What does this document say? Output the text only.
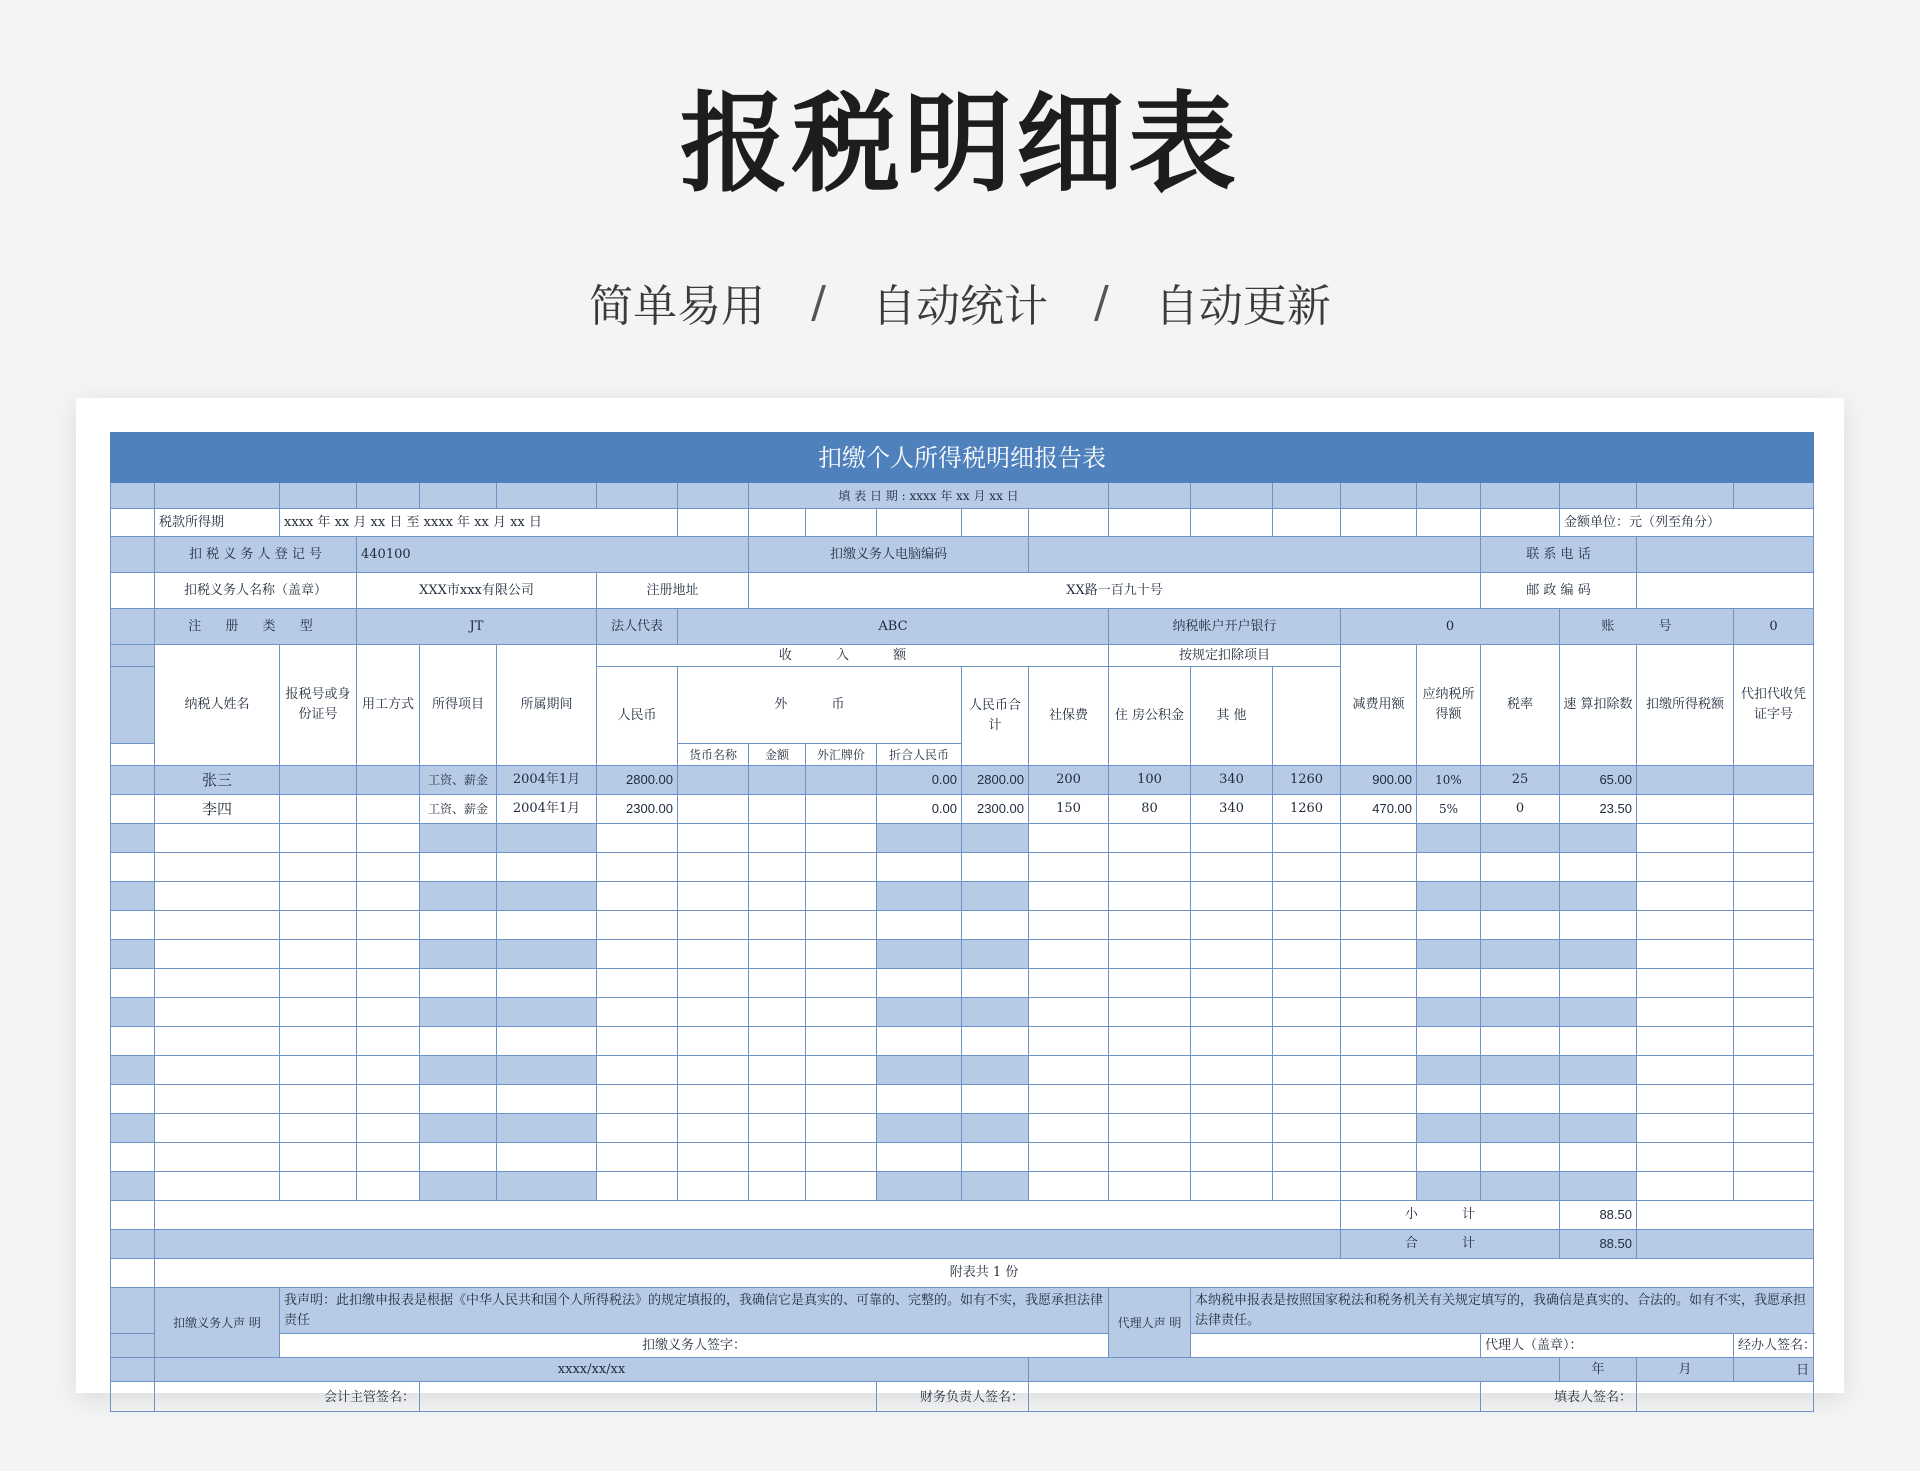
报税明细表
简单易用 / 自动统计 / 自动更新
扣缴个人所得税明细报告表																						
								填 表 日 期 : xxxx 年 xx 月 xx 日														
	税款所得期	xxxx 年 xx 月 xx 日 至 xxxx 年 xx 月 xx 日																	金额单位：元（列至角分）			
	扣 税 义 务 人 登 记 号		440100					扣缴义务人电脑编码										联 系 电 话				
	扣税义务人名称（盖章）		XXX市xxx有限公司			注册地址		XX路一百九十号										邮 政 编 码				
	注 册 类 型		JT			法人代表	ABC						纳税帐户开户银行			0			账 号		0	
	纳税人姓名	报税号或身份证号	用工方式	所得项目	所属期间	收 入 额							按规定扣除项目			减费用额	应纳税所得额	税率	速 算扣除数	扣缴所得税额	代扣代收凭证字号	
						人民币	外 币				人民币合 计	社保费	住 房公积金	其 他								
							货币名称	金额	外汇牌价	折合人民币												
	张三			工资、薪金	2004年1月	2800.00				0.00	2800.00	200	100	340	1260	900.00	10%	25	65.00			
	李四			工资、薪金	2004年1月	2300.00				0.00	2300.00	150	80	340	1260	470.00	5%	0	23.50			

																小 计			88.50			
																合 计			88.50			
	附表共 1 份																					
	扣缴义务人声 明	我声明：此扣缴申报表是根据《中华人民共和国个人所得税法》的规定填报的，我确信它是真实的、可靠的、完整的。如有不实，我愿承担法律责任											代理人声 明	本纳税申报表是按照国家税法和税务机关有关规定填写的，我确信是真实的、合法的。如有不实，我愿承担法律责任。								
		扣缴义务人签字：																代理人（盖章）：			经办人签名：	
	xxxx/xx/xx																		年	月	日	
	会计主管签名：									财务负责人签名：								填表人签名：				
